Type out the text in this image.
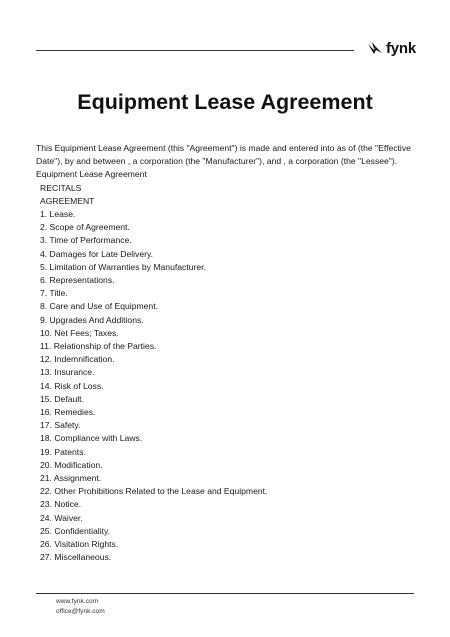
fynk
Equipment Lease Agreement

This Equipment Lease Agreement (this "Agreement") is made and entered into as of (the "Effective Date"), by and between , a corporation (the "Manufacturer"), and , a corporation (the "Lessee").

Equipment Lease Agreement

RECITALS

AGREEMENT

1. Lease.
2. Scope of Agreement.
3. Time of Performance.
4. Damages for Late Delivery.
5. Limitation of Warranties by Manufacturer.
6. Representations.
7. Title.
8. Care and Use of Equipment.
9. Upgrades And Additions.
10. Net Fees; Taxes.
11. Relationship of the Parties.
12. Indemnification.
13. Insurance.
14. Risk of Loss.
15. Default.
16. Remedies.
17. Safety.
18. Compliance with Laws.
19. Patents.
20. Modification.
21. Assignment.
22. Other Prohibitions Related to the Lease and Equipment.
23. Notice.
24. Waiver.
25. Confidentiality.
26. Visitation Rights.
27. Miscellaneous.
www.fynk.com
office@fynk.com
